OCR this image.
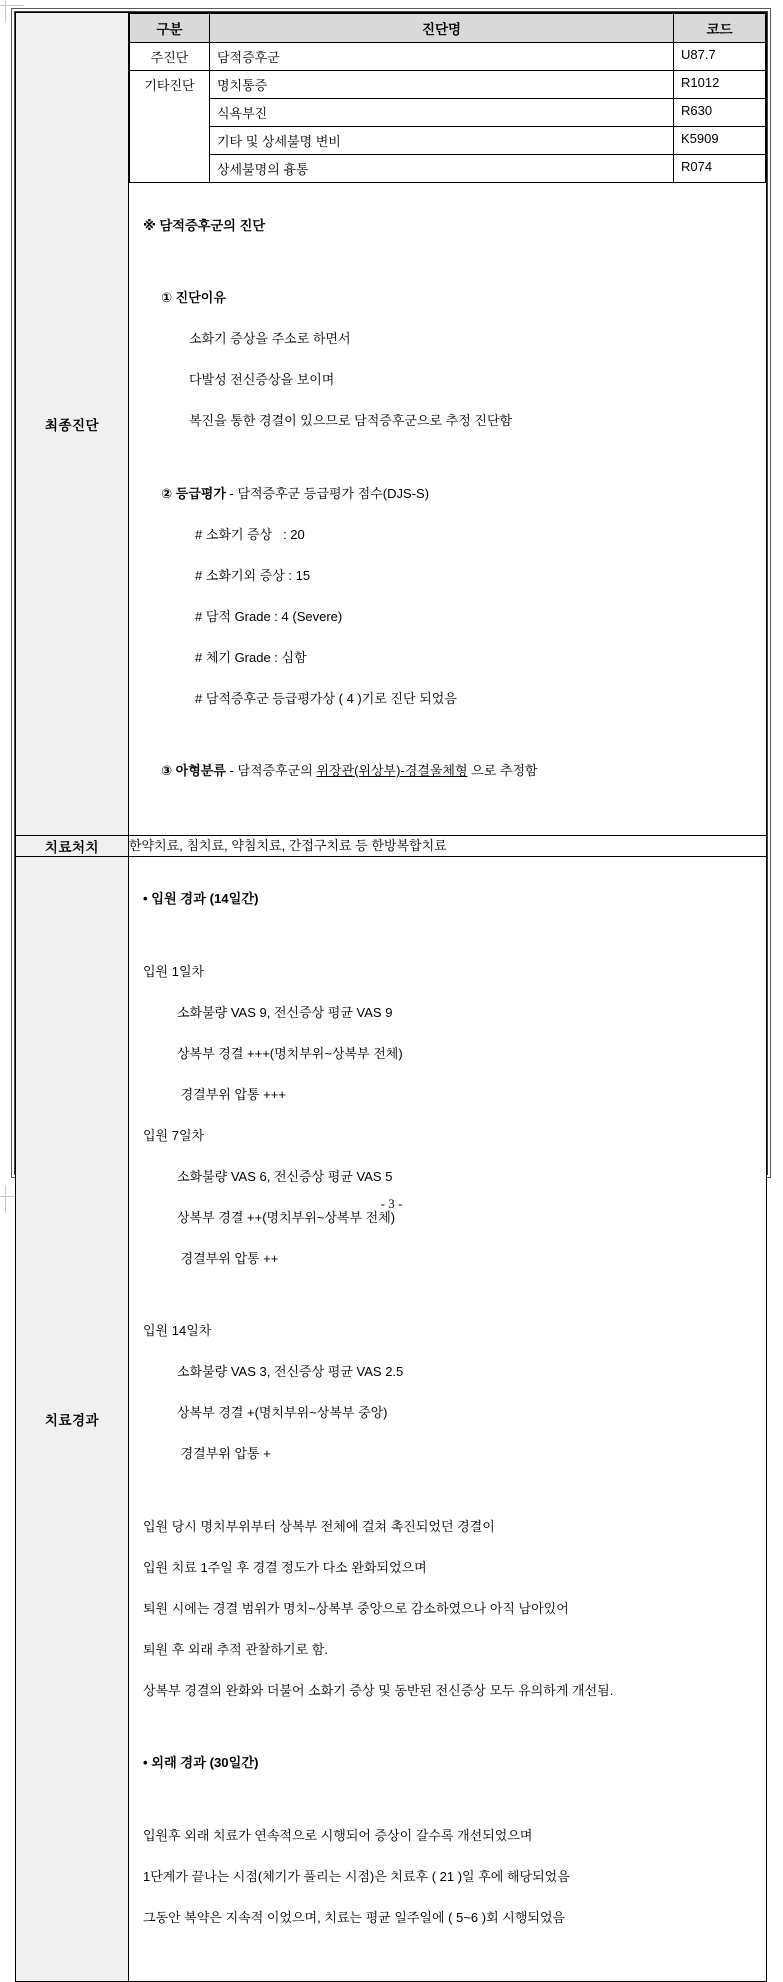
최종진단	
구분	진단명	코드
주진단	담적증후군	U87.7
기타진단	명치통증	R1012
식욕부진	R630
기타 및 상세불명 변비	K5909
상세불명의 흉통	R074

※ 담적증후군의 진단

① 진단이유

소화기 증상을 주소로 하면서

다발성 전신증상을 보이며

복진을 통한 경결이 있으므로 담적증후군으로 추정 진단함

② 등급평가 - 담적증후군 등급평가 점수(DJS-S)

# 소화기 증상   : 20

# 소화기외 증상 : 15

# 담적 Grade : 4 (Severe)

# 체기 Grade : 심함

# 담적증후군 등급평가상 ( 4 )기로 진단 되었음

③ 아형분류 - 담적증후군의 위장관(위상부)-경결울체형 으로 추정함

치료처치	한약치료, 침치료, 약침치료, 간접구치료 등 한방복합치료
치료경과	

• 입원 경과 (14일간)

입원 1일차

소화불량 VAS 9, 전신증상 평균 VAS 9

상복부 경결 +++(명치부위~상복부 전체)

경결부위 압통 +++

입원 7일차

소화불량 VAS 6, 전신증상 평균 VAS 5

상복부 경결 ++(명치부위~상복부 전체)

경결부위 압통 ++

입원 14일차

소화불량 VAS 3, 전신증상 평균 VAS 2.5

상복부 경결 +(명치부위~상복부 중앙)

경결부위 압통 +

입원 당시 명치부위부터 상복부 전체에 걸쳐 촉진되었던 경결이

입원 치료 1주일 후 경결 정도가 다소 완화되었으며

퇴원 시에는 경결 범위가 명치~상복부 중앙으로 감소하였으나 아직 남아있어

퇴원 후 외래 추적 관찰하기로 함.

상복부 경결의 완화와 더불어 소화기 증상 및 동반된 전신증상 모두 유의하게 개선됨.

• 외래 경과 (30일간)

입원후 외래 치료가 연속적으로 시행되어 증상이 갈수록 개선되었으며

1단계가 끝나는 시점(체기가 풀리는 시점)은 치료후 ( 21 )일 후에 해당되었음

그동안 복약은 지속적 이었으며, 치료는 평균 일주일에 ( 5~6 )회 시행되었음

- 3 -
